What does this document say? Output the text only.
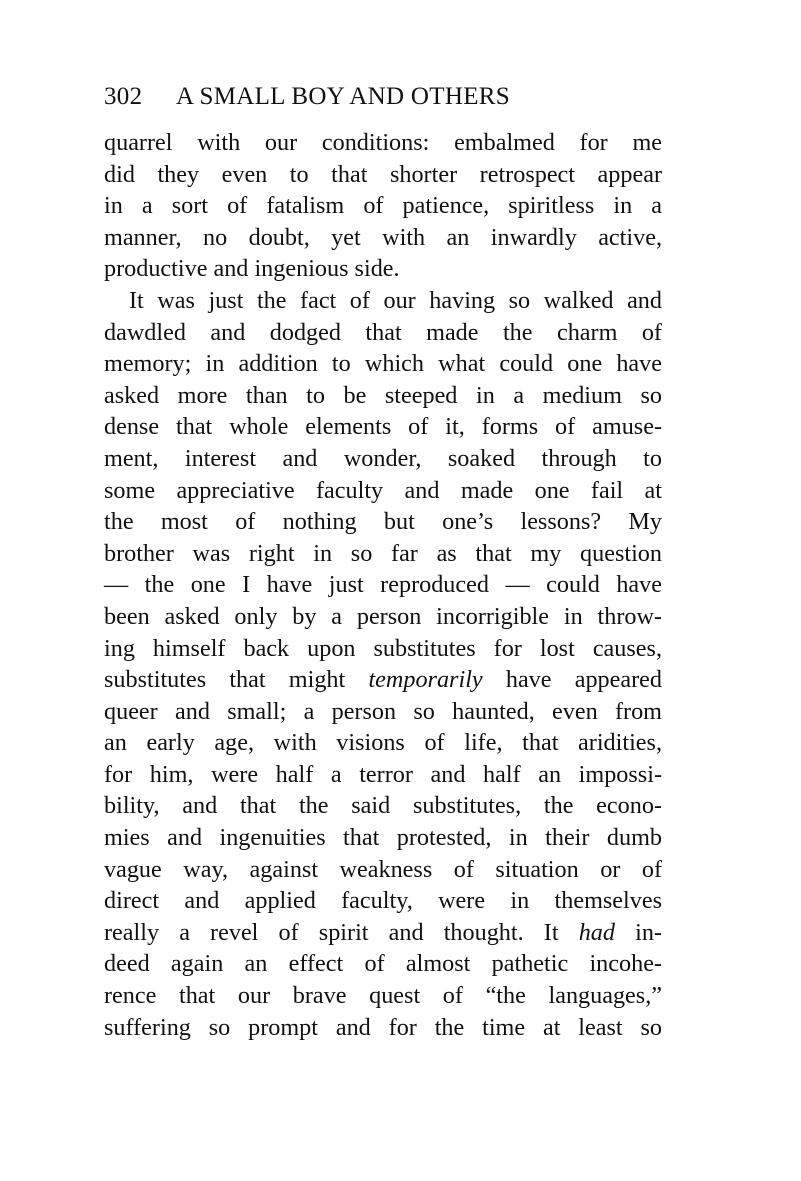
302 A SMALL BOY AND OTHERS
quarrel with our conditions: embalmed for me
did they even to that shorter retrospect appear
in a sort of fatalism of patience, spiritless in a
manner, no doubt, yet with an inwardly active,
productive and ingenious side.
It was just the fact of our having so walked and
dawdled and dodged that made the charm of
memory; in addition to which what could one have
asked more than to be steeped in a medium so
dense that whole elements of it, forms of amuse-
ment, interest and wonder, soaked through to
some appreciative faculty and made one fail at
the most of nothing but one’s lessons? My
brother was right in so far as that my question
— the one I have just reproduced — could have
been asked only by a person incorrigible in throw-
ing himself back upon substitutes for lost causes,
substitutes that might temporarily have appeared
queer and small; a person so haunted, even from
an early age, with visions of life, that aridities,
for him, were half a terror and half an impossi-
bility, and that the said substitutes, the econo-
mies and ingenuities that protested, in their dumb
vague way, against weakness of situation or of
direct and applied faculty, were in themselves
really a revel of spirit and thought. It had in-
deed again an effect of almost pathetic incohe-
rence that our brave quest of “the languages,”
suffering so prompt and for the time at least so
